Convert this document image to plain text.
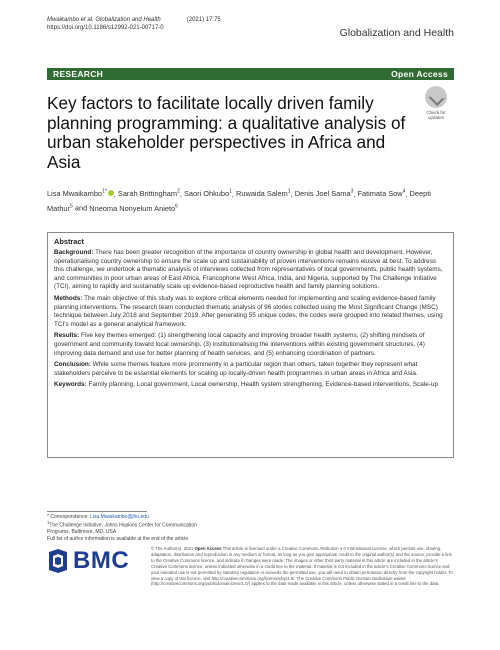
Mwaikambo et al. Globalization and Health	(2021) 17:75
https://doi.org/10.1186/s12992-021-00717-0	Globalization and Health
RESEARCH	Open Access
Key factors to facilitate locally driven family planning programming: a qualitative analysis of urban stakeholder perspectives in Africa and Asia
Check for
updates
Lisa Mwaikambo$^{1*}$ , Sarah Brittingham$^2$, Saori Ohkubo$^1$, Ruwaida Salem$^1$, Denis Joel Sama$^3$, Fatimata Sow$^4$, Deepti Mathur$^5$ and Nneoma Nonyelum Anieto$^6$
Abstract

Background: There has been greater recognition of the importance of country ownership in global health and development. However, operationalising country ownership to ensure the scale up and sustainability of proven interventions remains elusive at best. To address this challenge, we undertook a thematic analysis of interviews collected from representatives of local governments, public health systems, and communities in poor urban areas of East Africa, Francophone West Africa, India, and Nigeria, supported by The Challenge Initiative (TCI), aiming to rapidly and sustainably scale up evidence-based reproductive health and family planning solutions.

Methods: The main objective of this study was to explore critical elements needed for implementing and scaling evidence-based family planning interventions. The research team conducted thematic analysis of 96 stories collected using the Most Significant Change (MSC) technique between July 2018 and September 2019. After generating 55 unique codes, the codes were grouped into related themes, using TCI's model as a general analytical framework.

Results: Five key themes emerged: (1) strengthening local capacity and improving broader health systems, (2) shifting mindsets of government and community toward local ownership, (3) institutionalising the interventions within existing government structures, (4) improving data demand and use for better planning of health services, and (5) enhancing coordination of partners.

Conclusion: While some themes feature more prominently in a particular region than others, taken together they represent what stakeholders perceive to be essential elements for scaling up locally-driven health programmes in urban areas in Africa and Asia.

Keywords: Family planning, Local government, Local ownership, Health system strengthening, Evidence-based interventions, Scale-up

* Correspondence: Lisa.Mwaikambo@jhu.edu
$^1$The Challenge Initiative, Johns Hopkins Center for Communication
Programs, Baltimore, MD, USA
Full list of author information is available at the end of the article
BMC	© The Author(s). 2021 Open Access This article is licensed under a Creative Commons Attribution 4.0 International License, which permits use, sharing, adaptation, distribution and reproduction in any medium or format, as long as you give appropriate credit to the original author(s) and the source, provide a link to the Creative Commons licence, and indicate if changes were made. The images or other third party material in this article are included in the article's Creative Commons licence, unless indicated otherwise in a credit line to the material. If material is not included in the article's Creative Commons licence and your intended use is not permitted by statutory regulation or exceeds the permitted use, you will need to obtain permission directly from the copyright holder. To view a copy of this licence, visit http://creativecommons.org/licenses/by/4.0/. The Creative Commons Public Domain Dedication waiver (http://creativecommons.org/publicdomain/zero/1.0/) applies to the data made available in this article, unless otherwise stated in a credit line to the data.
